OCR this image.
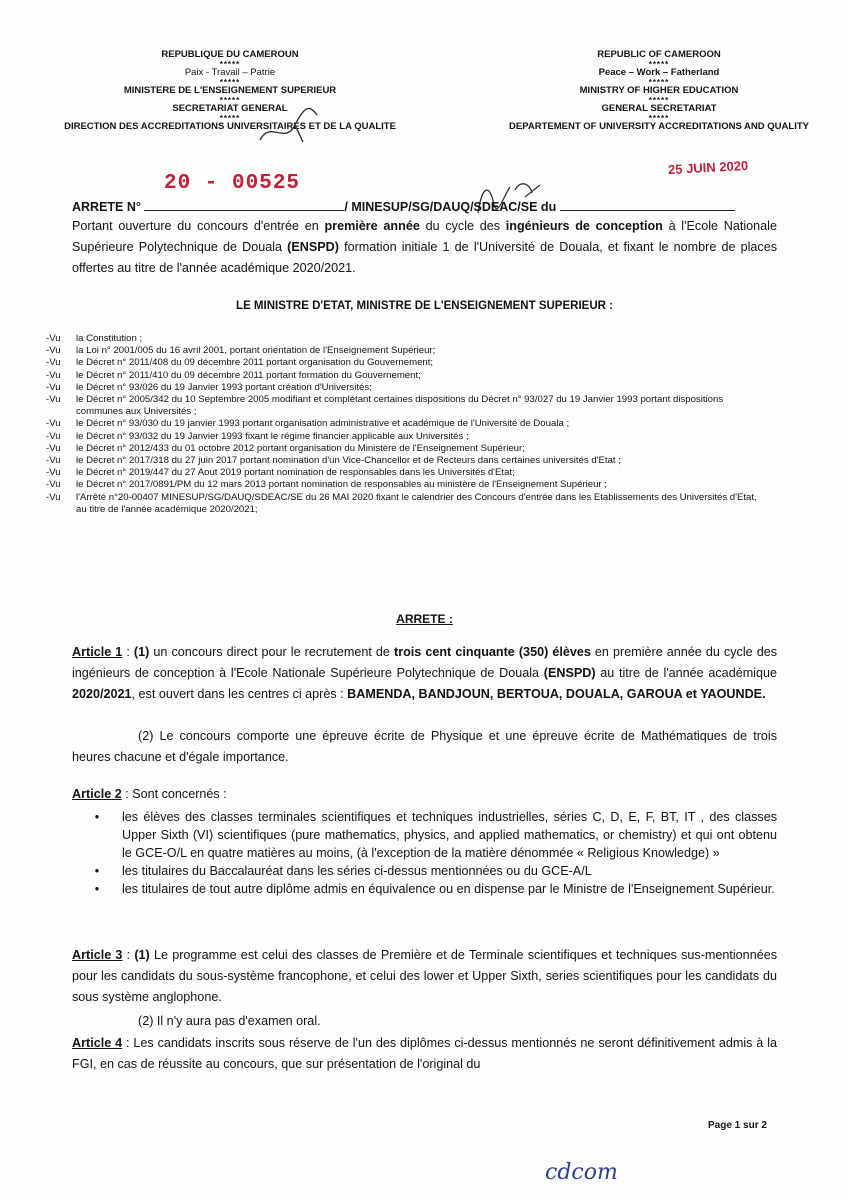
REPUBLIQUE DU CAMEROUN
*****
Paix - Travail – Patrie
*****
MINISTERE DE L'ENSEIGNEMENT SUPERIEUR
*****
SECRETARIAT GENERAL
*****
DIRECTION DES ACCREDITATIONS UNIVERSITAIRES ET DE LA QUALITE
REPUBLIC OF CAMEROON
*****
Peace – Work – Fatherland
*****
MINISTRY OF HIGHER EDUCATION
*****
GENERAL SECRETARIAT
*****
DEPARTEMENT OF UNIVERSITY ACCREDITATIONS AND QUALITY
20 - 00525
25 JUIN 2020
ARRETE N°	/ MINESUP/SG/DAUQ/SDEAC/SE du
Portant ouverture du concours d'entrée en première année du cycle des ingénieurs de conception à l'Ecole Nationale Supérieure Polytechnique de Douala (ENSPD) formation initiale 1 de l'Université de Douala, et fixant le nombre de places offertes au titre de l'année académique 2020/2021.
LE MINISTRE D'ETAT, MINISTRE DE L'ENSEIGNEMENT SUPERIEUR :
-Vu	la Constitution ;
-Vu	la Loi n° 2001/005 du 16 avril 2001, portant orientation de l'Enseignement Supérieur;
-Vu	le Décret n° 2011/408 du 09 décembre 2011 portant organisation du Gouvernement;
-Vu	le Décret n° 2011/410 du 09 décembre 2011 portant formation du Gouvernement;
-Vu	le Décret n° 93/026 du 19 Janvier 1993 portant création d'Universités;
-Vu	le Décret n° 2005/342 du 10 Septembre 2005 modifiant et complétant certaines dispositions du Décret n° 93/027 du 19 Janvier 1993 portant dispositions communes aux Universités ;
-Vu	le Décret n° 93/030 du 19 janvier 1993 portant organisation administrative et académique de l'Université de Douala ;
-Vu	le Décret n° 93/032 du 19 Janvier 1993 fixant le régime financier applicable aux Universités ;
-Vu	le Décret n° 2012/433 du 01 octobre 2012 portant organisation du Ministère de l'Enseignement Supérieur;
-Vu	le Décret n° 2017/318 du 27 juin 2017 portant nomination d'un Vice-Chancellor et de Recteurs dans certaines universités d'Etat ;
-Vu	le Décret n° 2019/447 du 27 Aout 2019 portant nomination de responsables dans les Universités d'Etat;
-Vu	le Décret n° 2017/0891/PM du 12 mars 2013 portant nomination de responsables au ministère de l'Enseignement Supérieur ;
-Vu	l'Arrêté n°20-00407 MINESUP/SG/DAUQ/SDEAC/SE du 26 MAI 2020 fixant le calendrier des Concours d'entrée dans les Etablissements des Universités d'Etat, au titre de l'année académique 2020/2021;
ARRETE :
Article 1 : (1) un concours direct pour le recrutement de trois cent cinquante (350) élèves en première année du cycle des ingénieurs de conception à l'Ecole Nationale Supérieure Polytechnique de Douala (ENSPD) au titre de l'année académique 2020/2021, est ouvert dans les centres ci après : BAMENDA, BANDJOUN, BERTOUA, DOUALA, GAROUA et YAOUNDE.
(2) Le concours comporte une épreuve écrite de Physique et une épreuve écrite de Mathématiques de trois heures chacune et d'égale importance.
Article 2 : Sont concernés :
•	les élèves des classes terminales scientifiques et techniques industrielles, séries C, D, E, F, BT, IT , des classes Upper Sixth (VI) scientifiques (pure mathematics, physics, and applied mathematics, or chemistry) et qui ont obtenu le GCE-O/L en quatre matières au moins, (à l'exception de la matière dénommée « Religious Knowledge) »
•	les titulaires du Baccalauréat dans les séries ci-dessus mentionnées ou du GCE-A/L
•	les titulaires de tout autre diplôme admis en équivalence ou en dispense par le Ministre de l'Enseignement Supérieur.
Article 3 : (1) Le programme est celui des classes de Première et de Terminale scientifiques et techniques sus-mentionnées pour les candidats du sous-système francophone, et celui des lower et Upper Sixth, series scientifiques pour les candidats du sous système anglophone.
(2) Il n'y aura pas d'examen oral.
Article 4 : Les candidats inscrits sous réserve de l'un des diplômes ci-dessus mentionnés ne seront définitivement admis à la FGI, en cas de réussite au concours, que sur présentation de l'original du
Page 1 sur 2
cdcom
